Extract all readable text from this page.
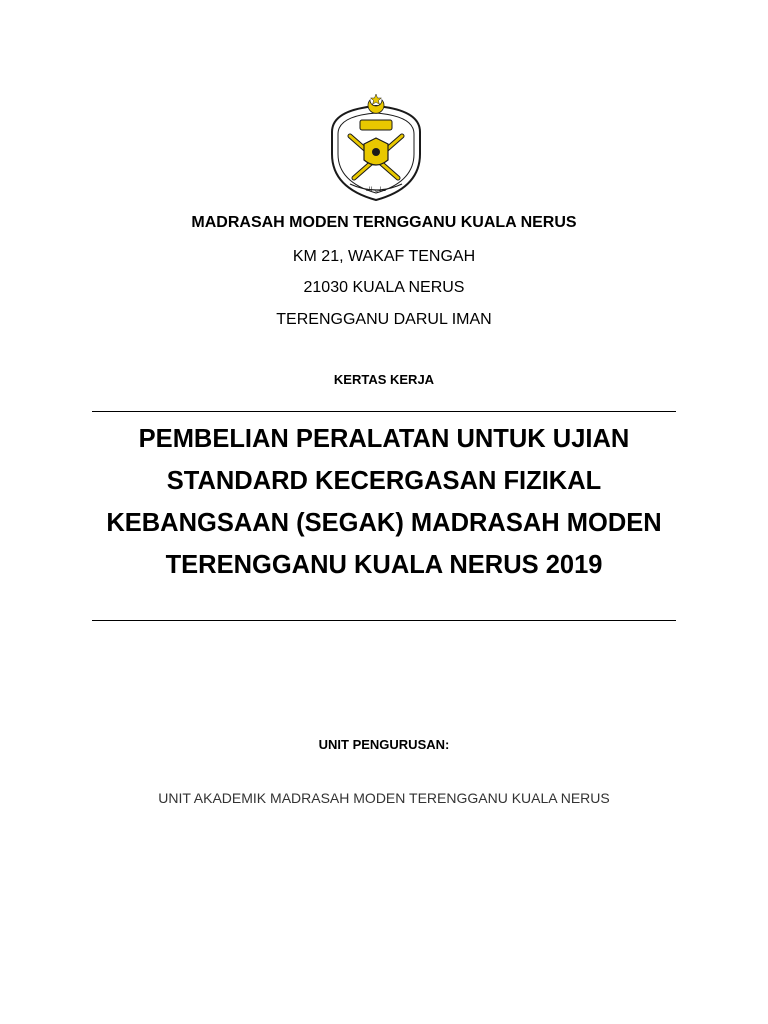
صلى لله
MADRASAH MODEN TERNGGANU KUALA NERUS
KM 21, WAKAF TENGAH
21030 KUALA NERUS
TERENGGANU DARUL IMAN
KERTAS KERJA
PEMBELIAN PERALATAN UNTUK UJIAN
STANDARD KECERGASAN FIZIKAL
KEBANGSAAN (SEGAK) MADRASAH MODEN
TERENGGANU KUALA NERUS 2019
UNIT PENGURUSAN:
UNIT AKADEMIK MADRASAH MODEN TERENGGANU KUALA NERUS
